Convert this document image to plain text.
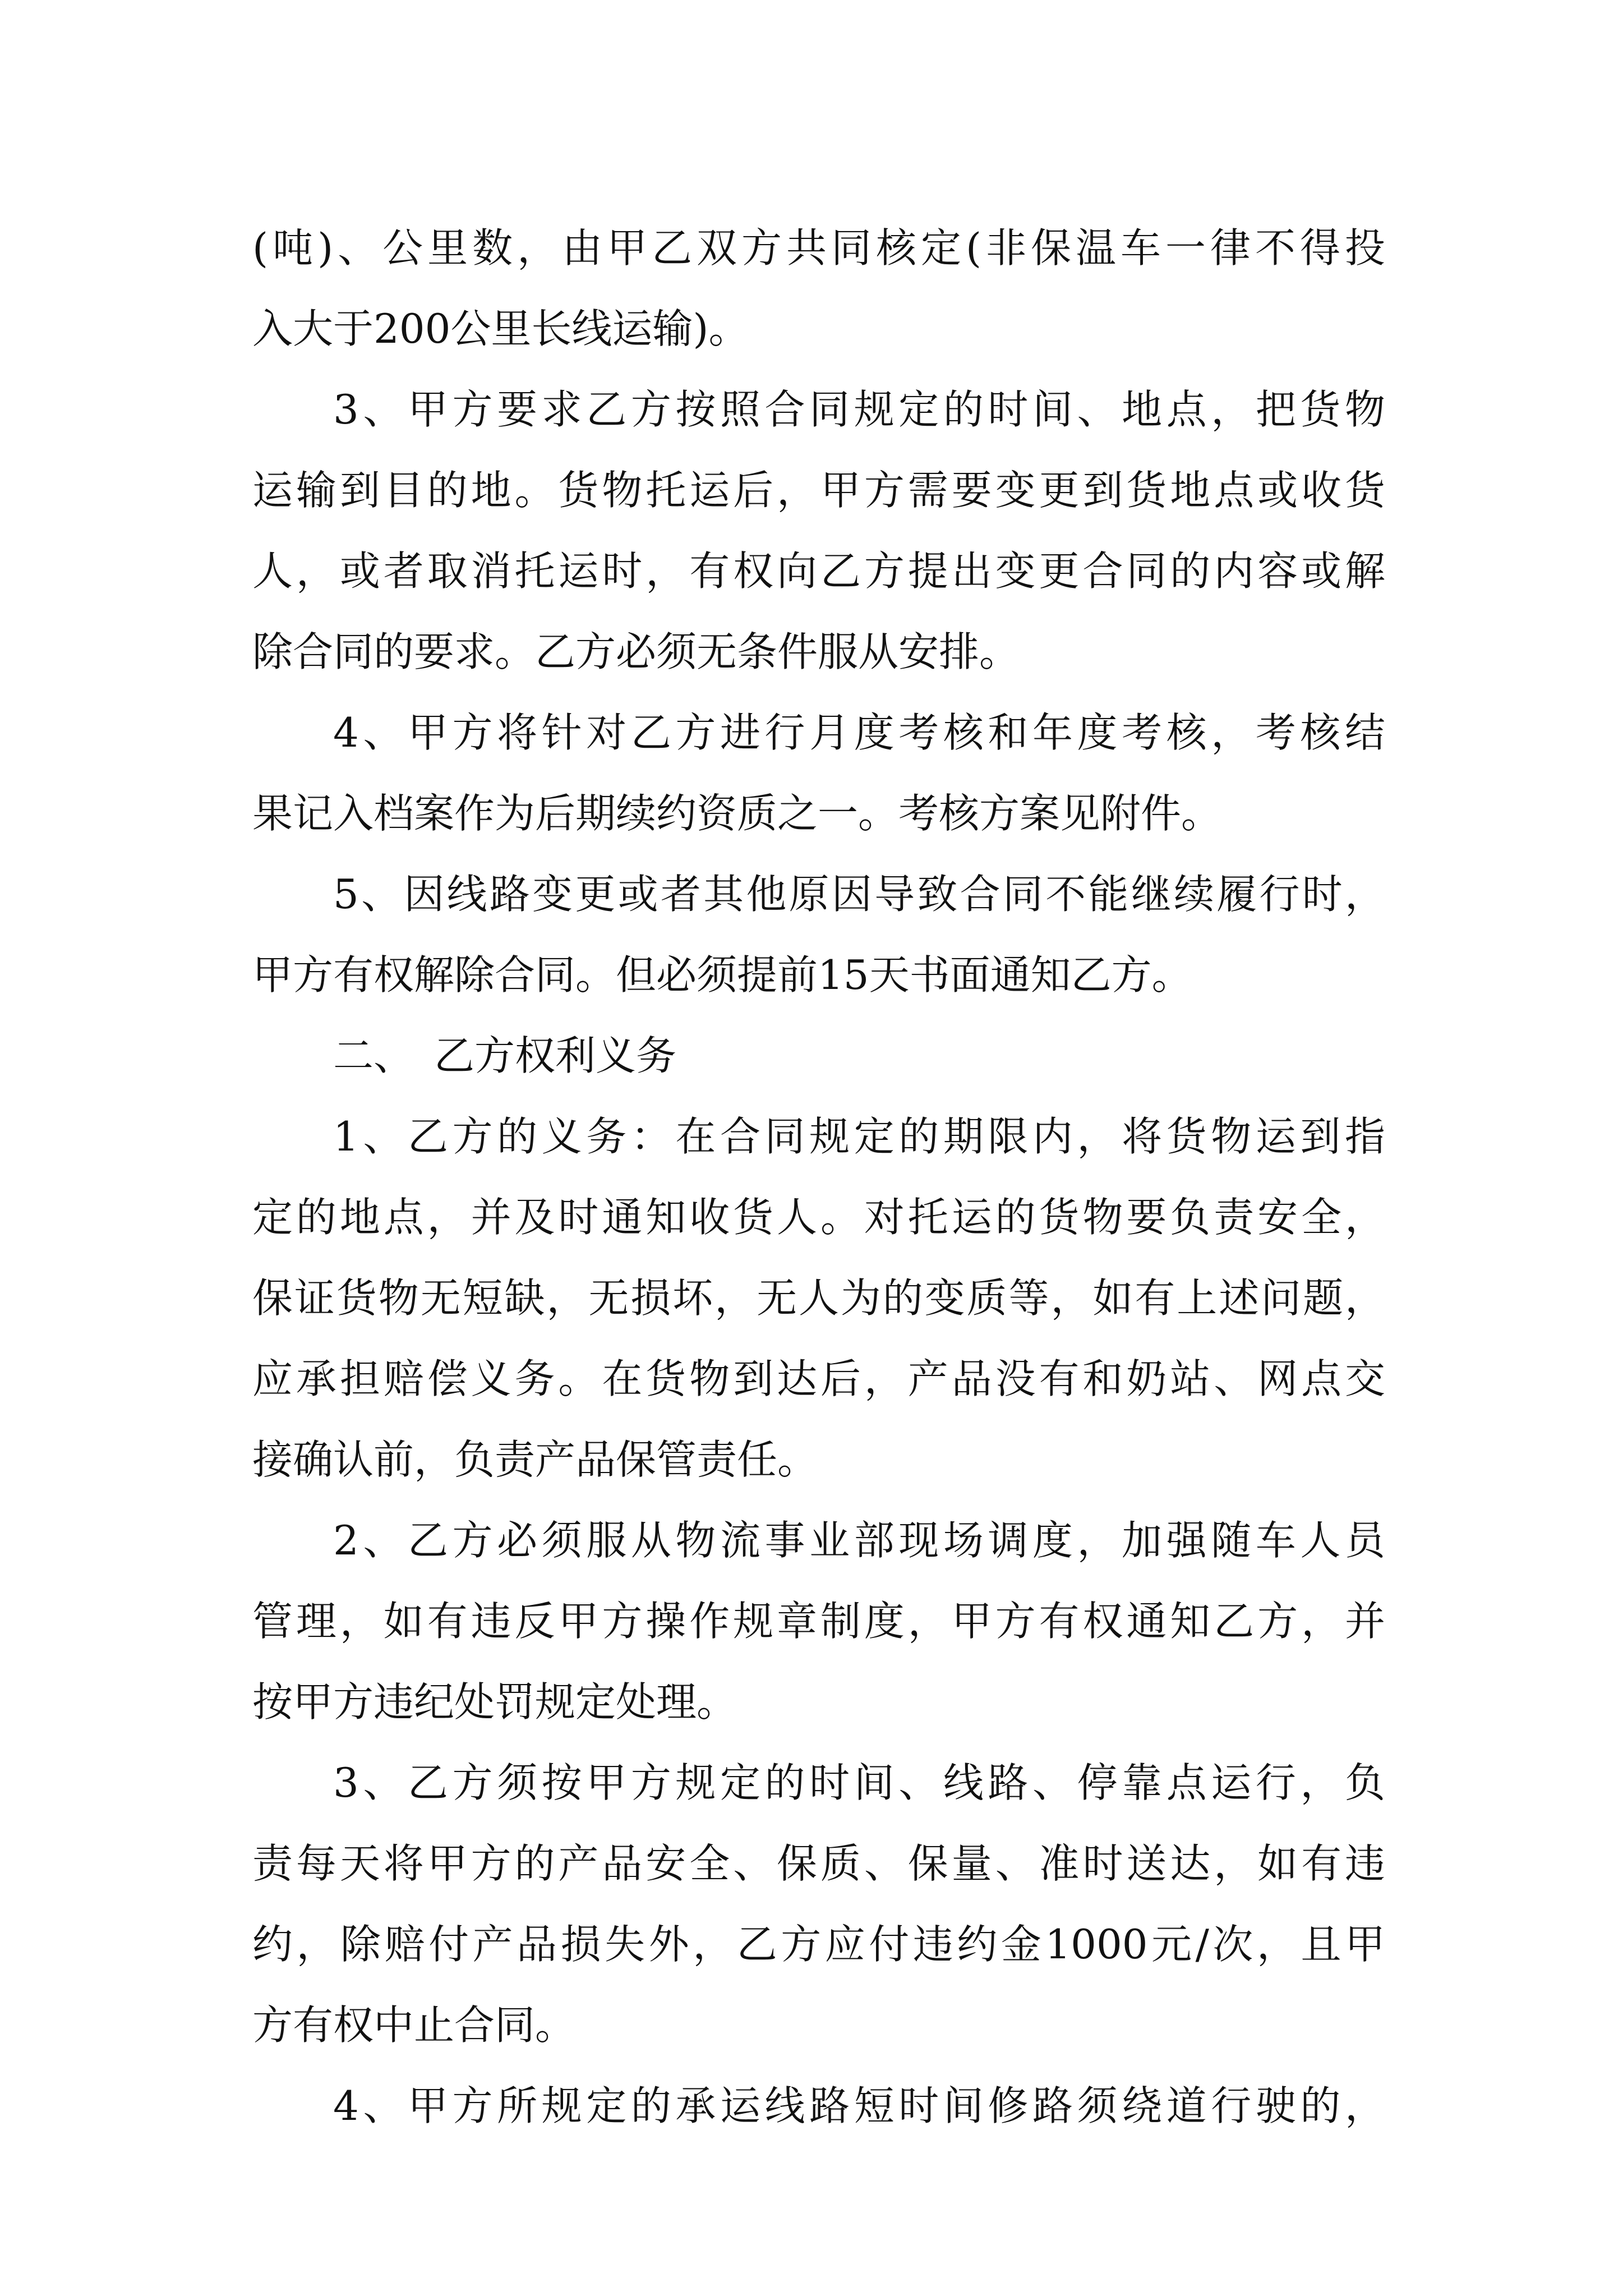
(吨)、公里数，由甲乙双方共同核定(非保温车一律不得投
入大于200公里长线运输)。
3、甲方要求乙方按照合同规定的时间、地点，把货物
运输到目的地。货物托运后，甲方需要变更到货地点或收货
人，或者取消托运时，有权向乙方提出变更合同的内容或解
除合同的要求。乙方必须无条件服从安排。
4、甲方将针对乙方进行月度考核和年度考核，考核结
果记入档案作为后期续约资质之一。考核方案见附件。
5、因线路变更或者其他原因导致合同不能继续履行时，
甲方有权解除合同。但必须提前15天书面通知乙方。
二、　乙方权利义务
1、乙方的义务：在合同规定的期限内，将货物运到指
定的地点，并及时通知收货人。对托运的货物要负责安全，
保证货物无短缺，无损坏，无人为的变质等，如有上述问题，
应承担赔偿义务。在货物到达后，产品没有和奶站、网点交
接确认前，负责产品保管责任。
2、乙方必须服从物流事业部现场调度，加强随车人员
管理，如有违反甲方操作规章制度，甲方有权通知乙方，并
按甲方违纪处罚规定处理。
3、乙方须按甲方规定的时间、线路、停靠点运行，负
责每天将甲方的产品安全、保质、保量、准时送达，如有违
约，除赔付产品损失外，乙方应付违约金1000元/次，且甲
方有权中止合同。
4、甲方所规定的承运线路短时间修路须绕道行驶的，
